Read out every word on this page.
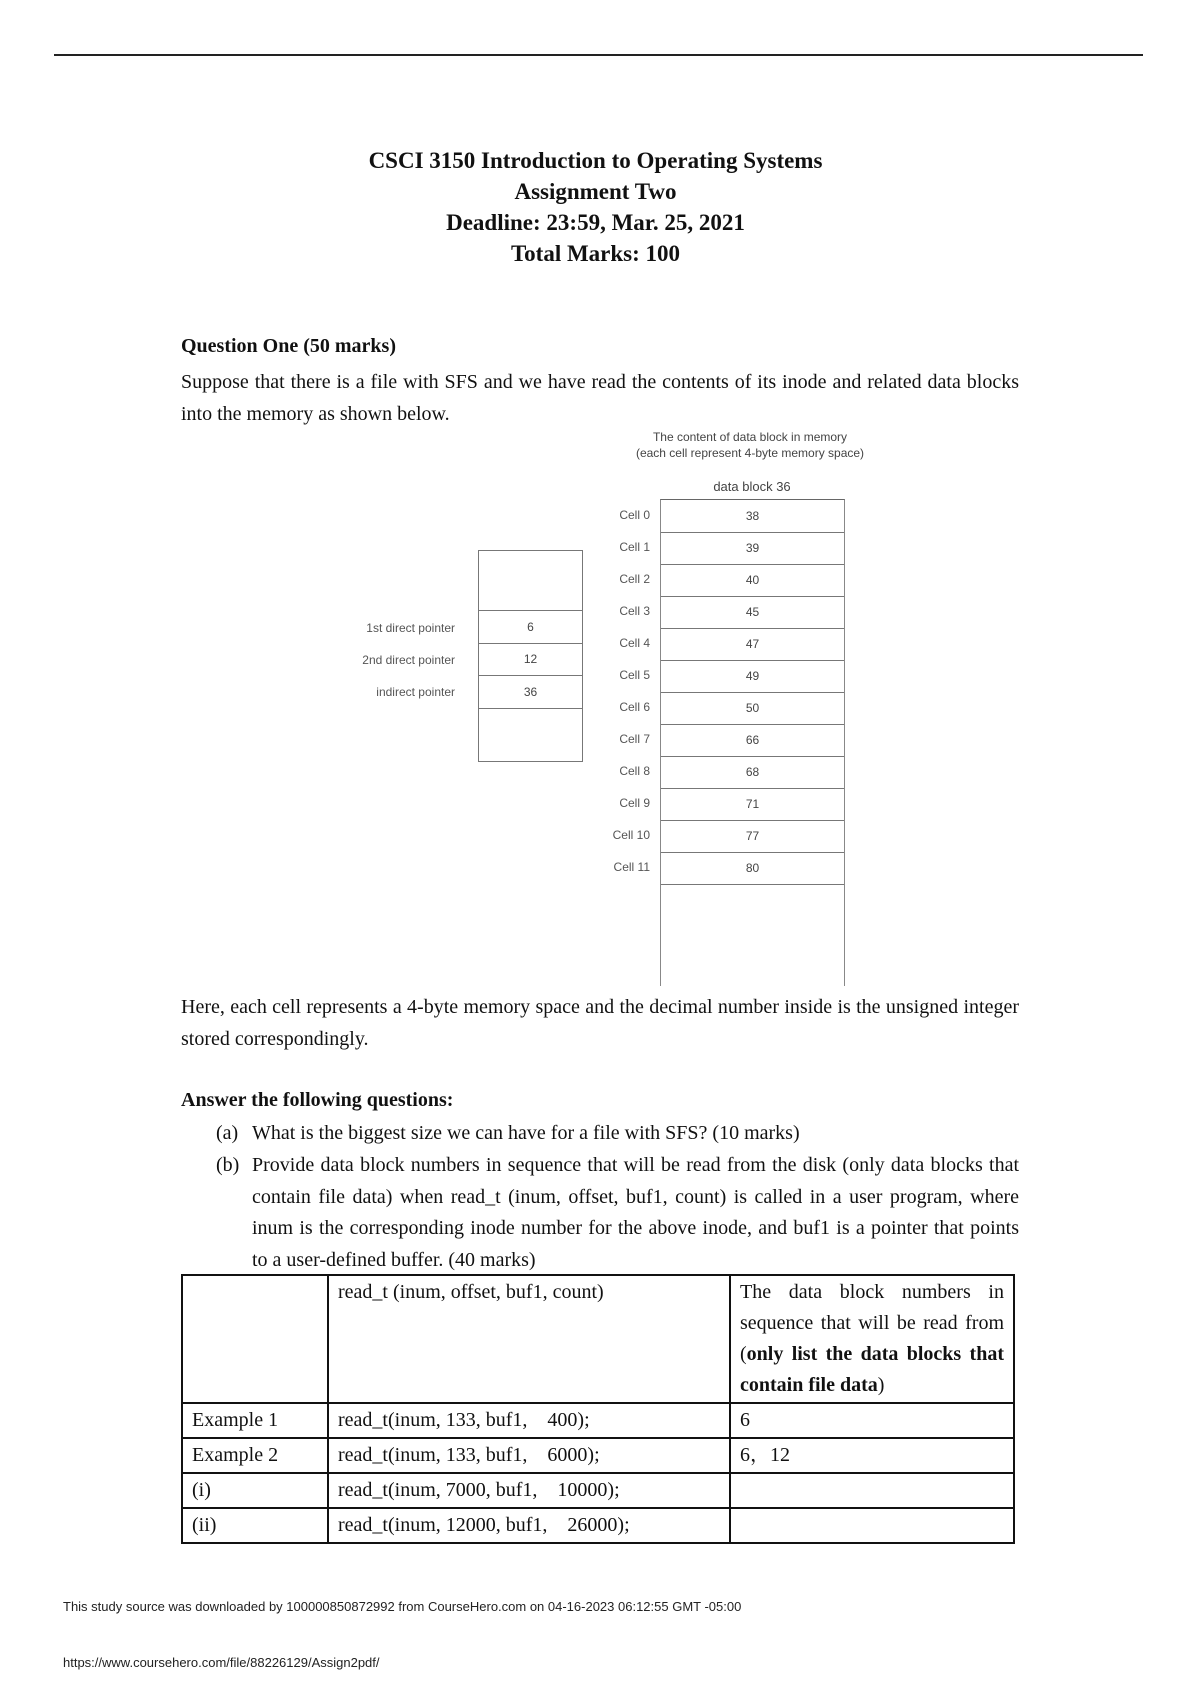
CSCI 3150 Introduction to Operating Systems
Assignment Two
Deadline: 23:59, Mar. 25, 2021
Total Marks: 100
Question One (50 marks)
Suppose that there is a file with SFS and we have read the contents of its inode and related data blocks into the memory as shown below.
The content of data block in memory
(each cell represent 4-byte memory space)
data block 36
38
39
40
45
47
49
50
66
68
71
77
80
Cell 0
Cell 1
Cell 2
Cell 3
Cell 4
Cell 5
Cell 6
Cell 7
Cell 8
Cell 9
Cell 10
Cell 11
6
12
36
1st direct pointer
2nd direct pointer
indirect pointer
Here, each cell represents a 4-byte memory space and the decimal number inside is the unsigned integer stored correspondingly.
Answer the following questions:
(a) What is the biggest size we can have for a file with SFS? (10 marks)
(b) Provide data block numbers in sequence that will be read from the disk (only data blocks that contain file data) when read_t (inum, offset, buf1, count) is called in a user program, where inum is the corresponding inode number for the above inode, and buf1 is a pointer that points to a user-defined buffer. (40 marks)
	read_t (inum, offset, buf1, count)	The data block numbers in sequence that will be read from (only list the data blocks that contain file data)
Example 1	read_t(inum, 133, buf1,    400);	6
Example 2	read_t(inum, 133, buf1,    6000);	6，12
(i)	read_t(inum, 7000, buf1,    10000);	
(ii)	read_t(inum, 12000, buf1,    26000);	
This study source was downloaded by 100000850872992 from CourseHero.com on 04-16-2023 06:12:55 GMT -05:00
https://www.coursehero.com/file/88226129/Assign2pdf/
